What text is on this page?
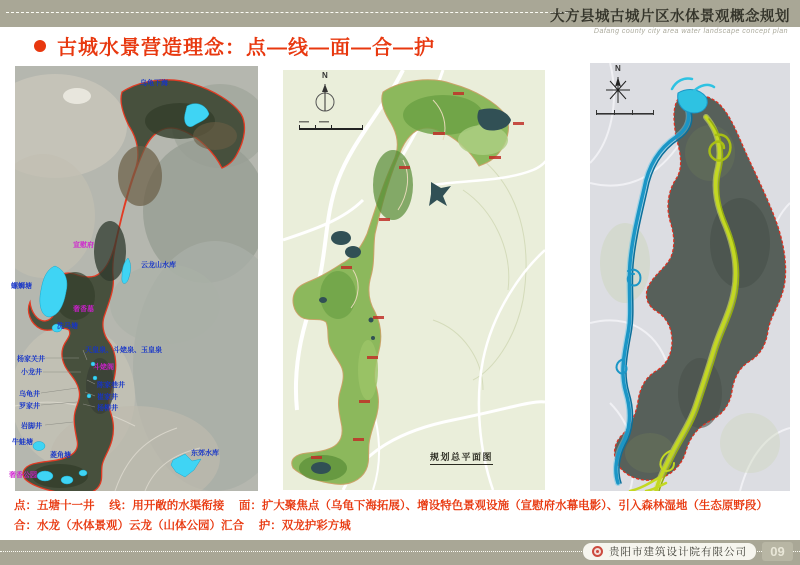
大方县城古城片区水体景观概念规划
Dafang county city area water landscape concept plan
古城水景营造理念：点—线—面—合—护
乌龟下海
宣慰府
云龙山水库
螺蛳塘
奢香墓
洗马塘
天皇泉、斗姥泉、玉皇泉
杨家关井
斗姥阁
小龙井
陈家巷井
乌龟井	崔家井
罗家井	杨柳井
岩脚井
牛蛙塘
菱角塘	东郊水库
奢香公园
N
规划总平面图
N
点：五塘十一井　 线：用开敞的水渠衔接　 面：扩大聚焦点（乌龟下海拓展）、增设特色景观设施（宣慰府水幕电影）、引入森林湿地（生态原野段）
合：水龙（水体景观）云龙（山体公园）汇合　 护：双龙护彩方城
贵阳市建筑设计院有限公司	09
